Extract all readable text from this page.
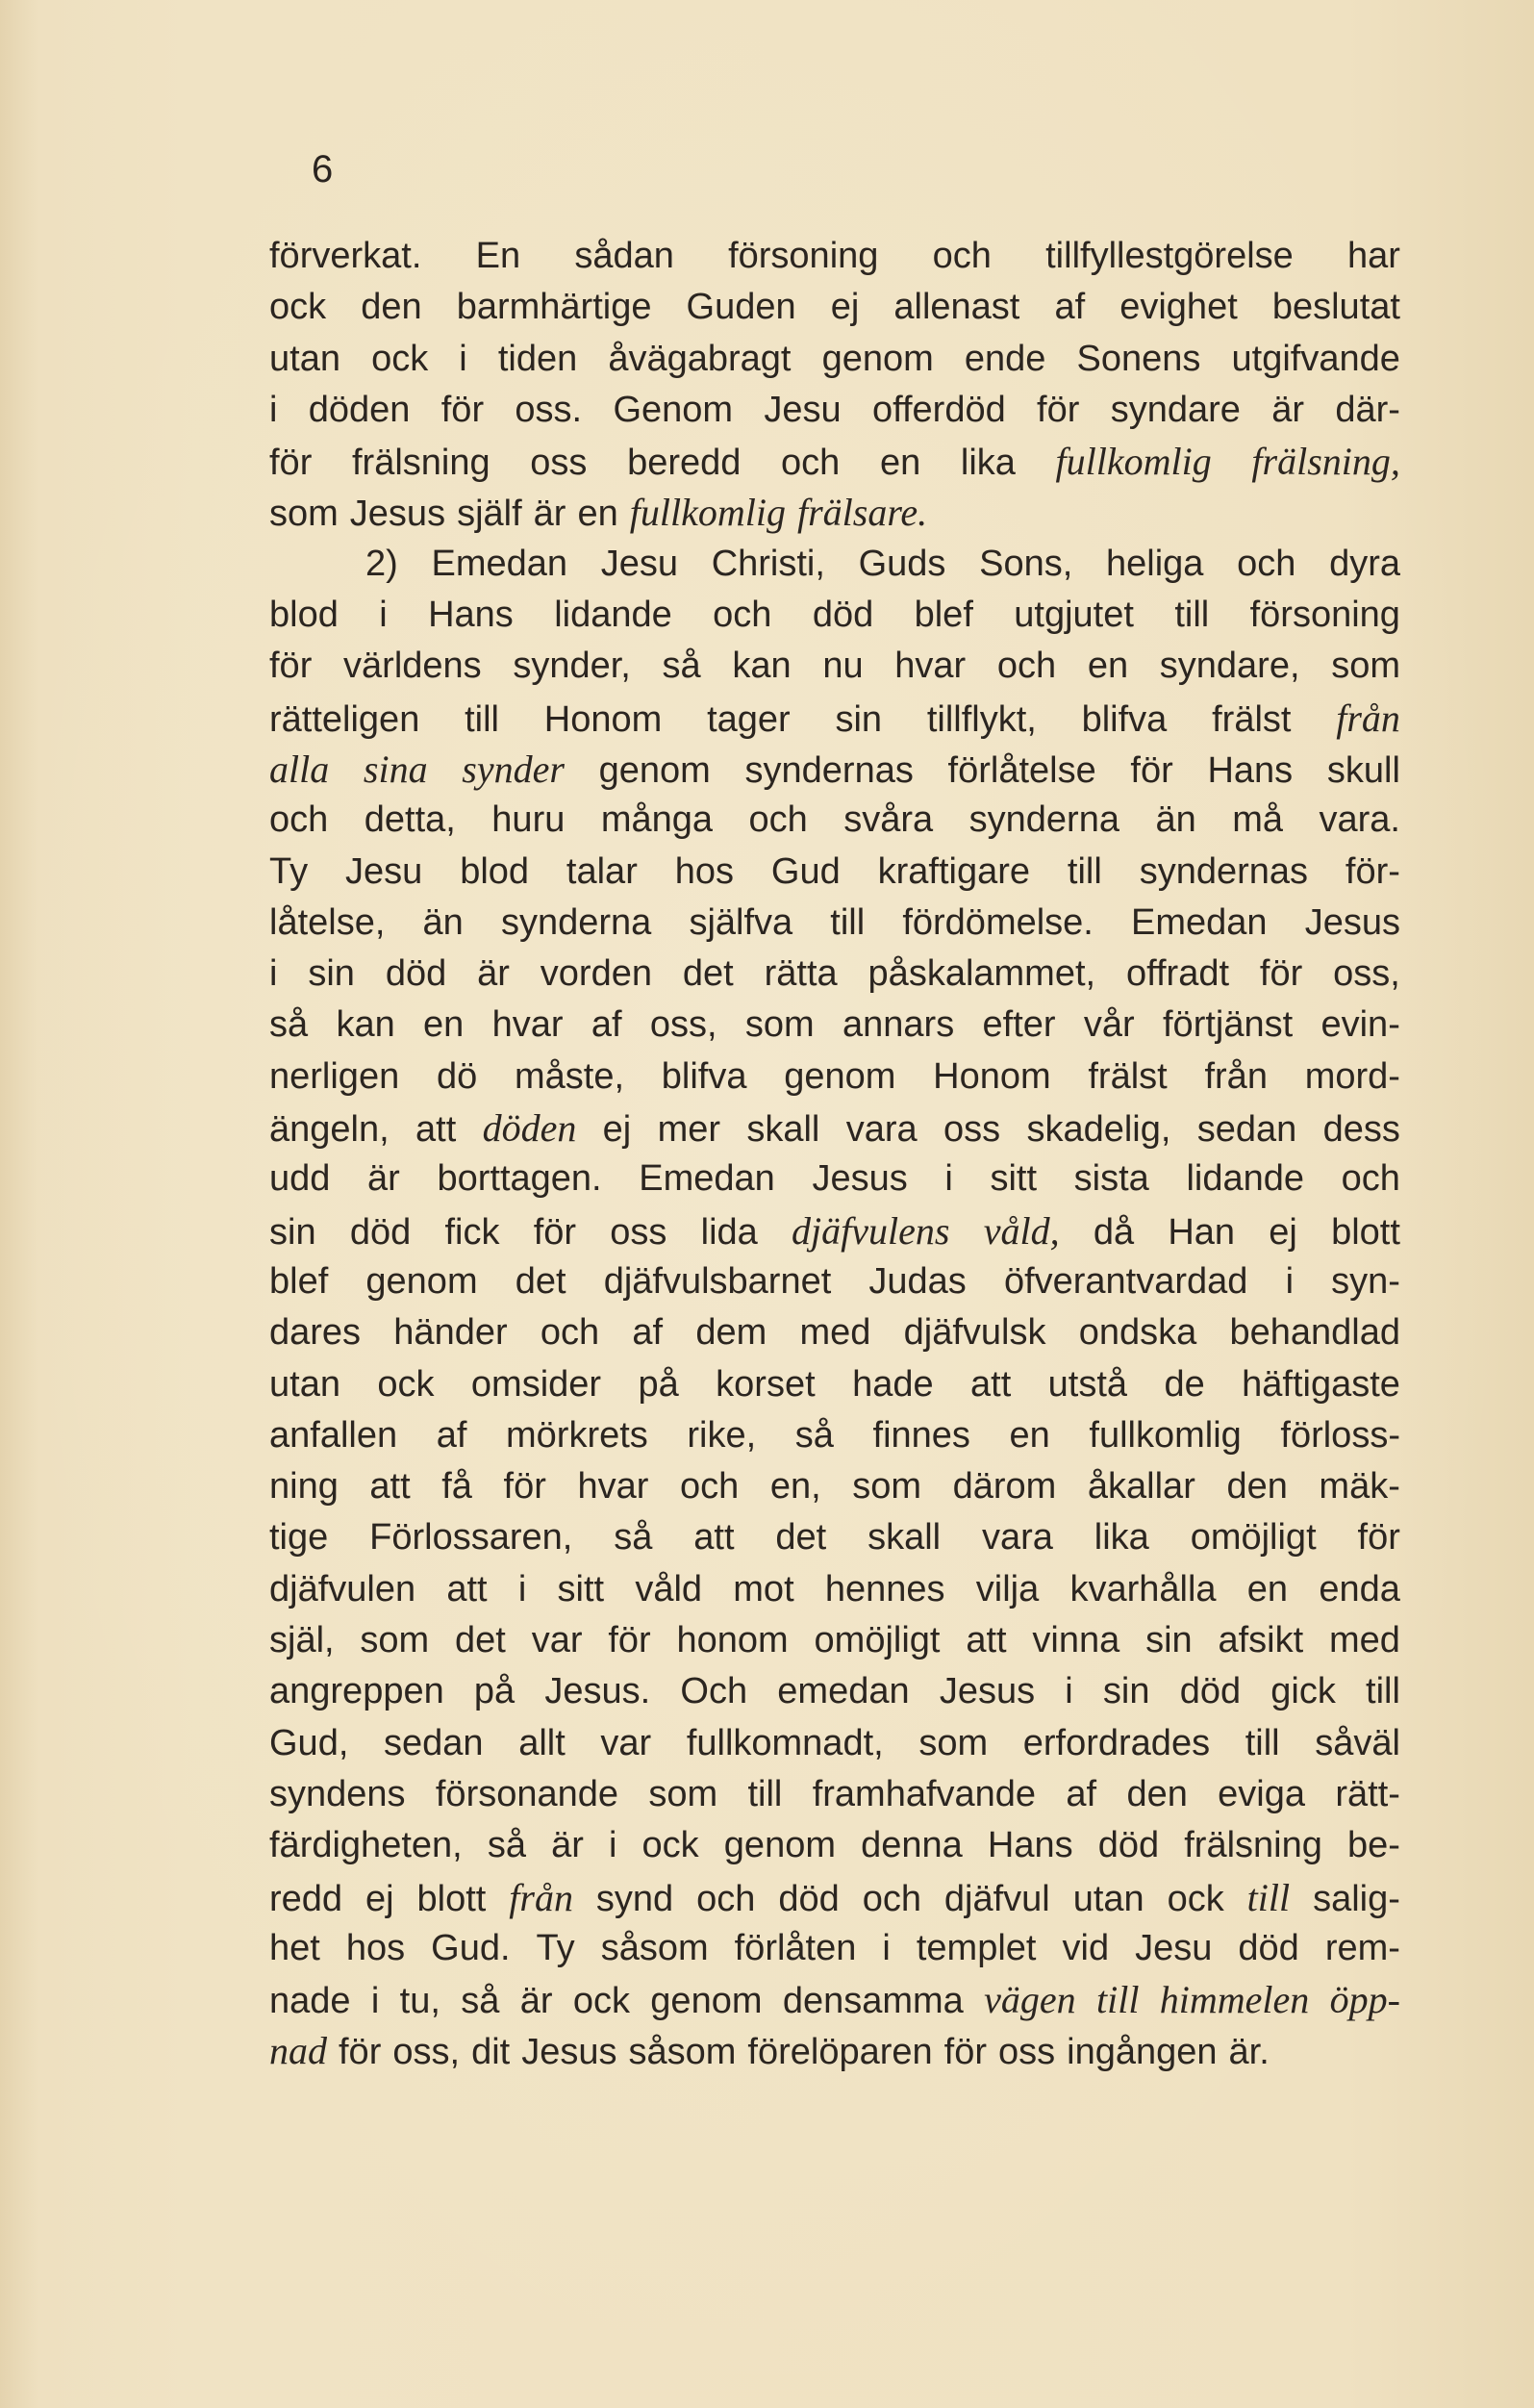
6
förverkat. En sådan försoning och tillfyllestgörelse har
ock den barmhärtige Guden ej allenast af evighet beslutat
utan ock i tiden åvägabragt genom ende Sonens utgifvande
i döden för oss. Genom Jesu offerdöd för syndare är där-
för frälsning oss beredd och en lika fullkomlig frälsning,
som Jesus själf är en fullkomlig frälsare.
2) Emedan Jesu Christi, Guds Sons, heliga och dyra
blod i Hans lidande och död blef utgjutet till försoning
för världens synder, så kan nu hvar och en syndare, som
rätteligen till Honom tager sin tillflykt, blifva frälst från
alla sina synder genom syndernas förlåtelse för Hans skull
och detta, huru många och svåra synderna än må vara.
Ty Jesu blod talar hos Gud kraftigare till syndernas för-
låtelse, än synderna själfva till fördömelse. Emedan Jesus
i sin död är vorden det rätta påskalammet, offradt för oss,
så kan en hvar af oss, som annars efter vår förtjänst evin-
nerligen dö måste, blifva genom Honom frälst från mord-
ängeln, att döden ej mer skall vara oss skadelig, sedan dess
udd är borttagen. Emedan Jesus i sitt sista lidande och
sin död fick för oss lida djäfvulens våld, då Han ej blott
blef genom det djäfvulsbarnet Judas öfverantvardad i syn-
dares händer och af dem med djäfvulsk ondska behandlad
utan ock omsider på korset hade att utstå de häftigaste
anfallen af mörkrets rike, så finnes en fullkomlig förloss-
ning att få för hvar och en, som därom åkallar den mäk-
tige Förlossaren, så att det skall vara lika omöjligt för
djäfvulen att i sitt våld mot hennes vilja kvarhålla en enda
själ, som det var för honom omöjligt att vinna sin afsikt med
angreppen på Jesus. Och emedan Jesus i sin död gick till
Gud, sedan allt var fullkomnadt, som erfordrades till såväl
syndens försonande som till framhafvande af den eviga rätt-
färdigheten, så är i ock genom denna Hans död frälsning be-
redd ej blott från synd och död och djäfvul utan ock till salig-
het hos Gud. Ty såsom förlåten i templet vid Jesu död rem-
nade i tu, så är ock genom densamma vägen till himmelen öpp-
nad för oss, dit Jesus såsom förelöparen för oss ingången är.
